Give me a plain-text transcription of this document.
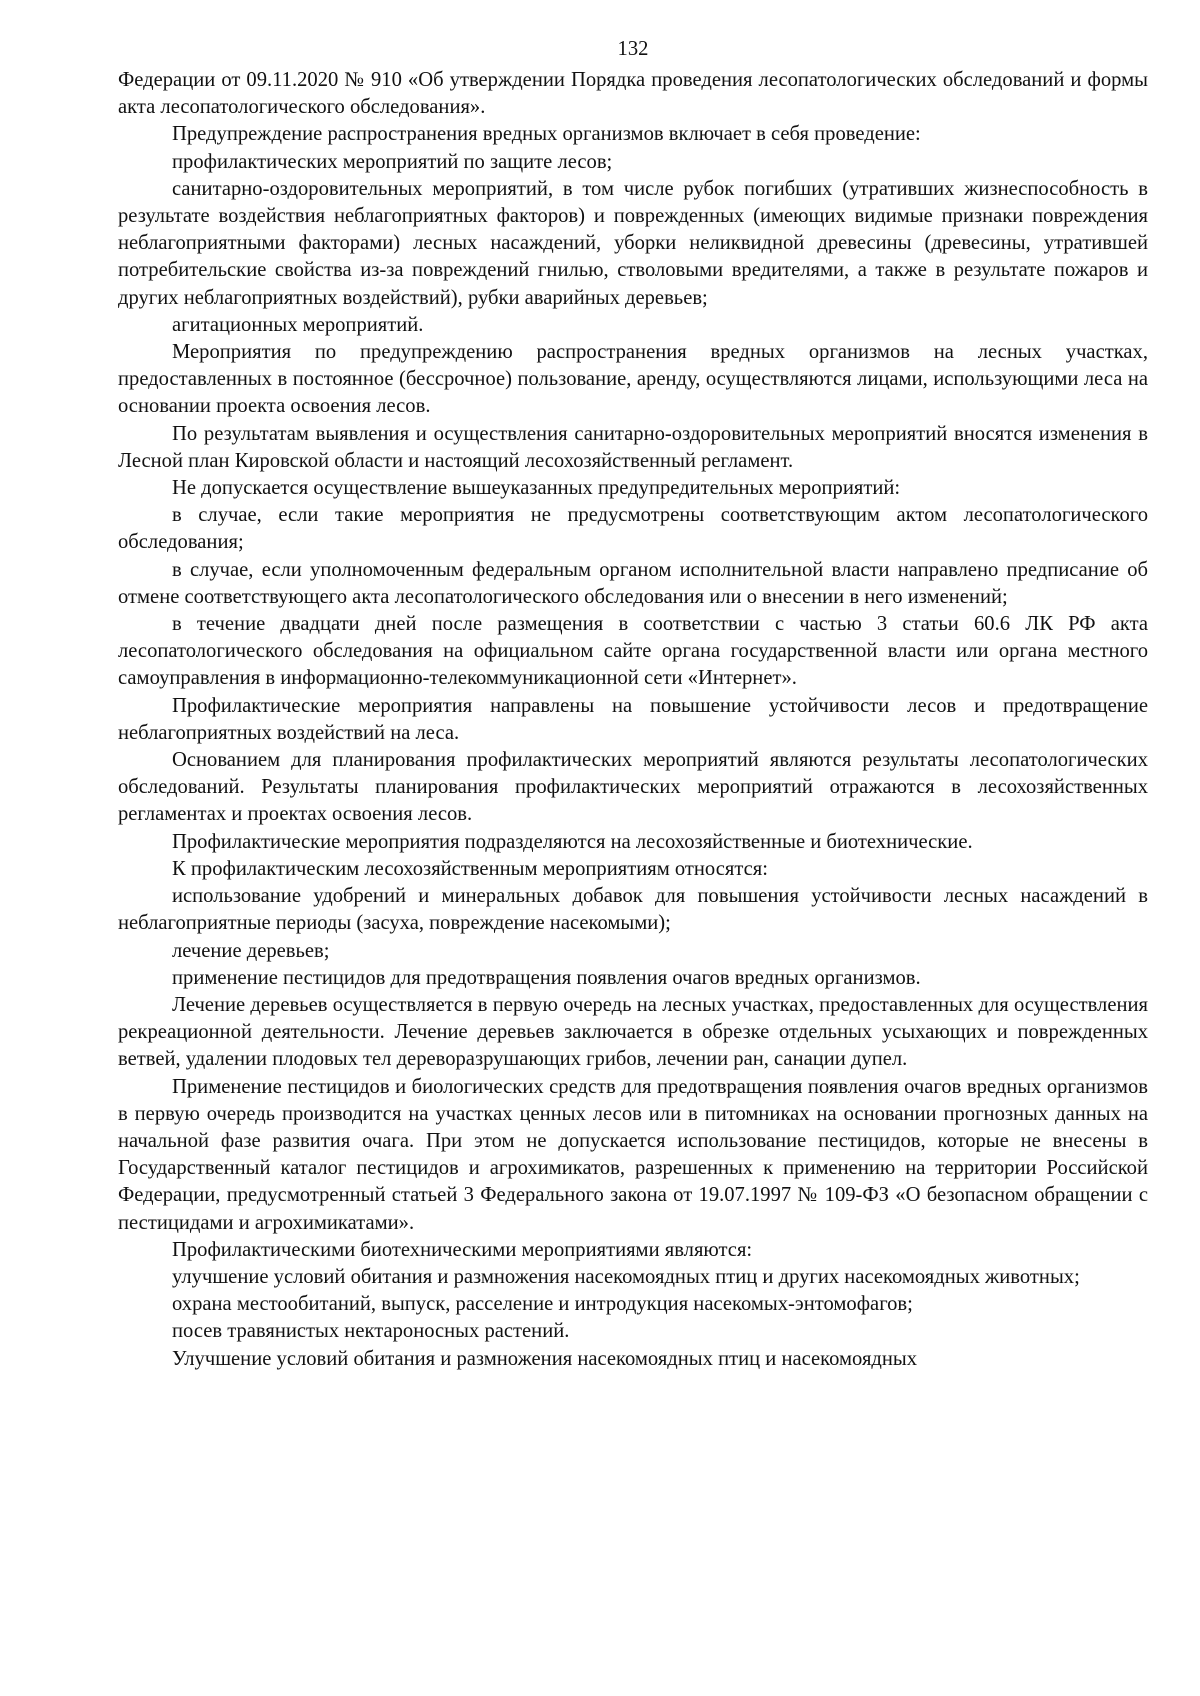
132

Федерации от 09.11.2020 № 910 «Об утверждении Порядка проведения лесопатологических обследований и формы акта лесопатологического обследования».

Предупреждение распространения вредных организмов включает в себя проведение:

профилактических мероприятий по защите лесов;

санитарно-оздоровительных мероприятий, в том числе рубок погибших (утративших жизнеспособность в результате воздействия неблагоприятных факторов) и поврежденных (имеющих видимые признаки повреждения неблагоприятными факторами) лесных насаждений, уборки неликвидной древесины (древесины, утратившей потребительские свойства из-за повреждений гнилью, стволовыми вредителями, а также в результате пожаров и других неблагоприятных воздействий), рубки аварийных деревьев;

агитационных мероприятий.

Мероприятия по предупреждению распространения вредных организмов на лесных участках, предоставленных в постоянное (бессрочное) пользование, аренду, осуществляются лицами, использующими леса на основании проекта освоения лесов.

По результатам выявления и осуществления санитарно-оздоровительных мероприятий вносятся изменения в Лесной план Кировской области и настоящий лесохозяйственный регламент.

Не допускается осуществление вышеуказанных предупредительных мероприятий:

в случае, если такие мероприятия не предусмотрены соответствующим актом лесопатологического обследования;

в случае, если уполномоченным федеральным органом исполнительной власти направлено предписание об отмене соответствующего акта лесопатологического обследования или о внесении в него изменений;

в течение двадцати дней после размещения в соответствии с частью 3 статьи 60.6 ЛК РФ акта лесопатологического обследования на официальном сайте органа государственной власти или органа местного самоуправления в информационно-телекоммуникационной сети «Интернет».

Профилактические мероприятия направлены на повышение устойчивости лесов и предотвращение неблагоприятных воздействий на леса.

Основанием для планирования профилактических мероприятий являются результаты лесопатологических обследований. Результаты планирования профилактических мероприятий отражаются в лесохозяйственных регламентах и проектах освоения лесов.

Профилактические мероприятия подразделяются на лесохозяйственные и биотехнические.

К профилактическим лесохозяйственным мероприятиям относятся:

использование удобрений и минеральных добавок для повышения устойчивости лесных насаждений в неблагоприятные периоды (засуха, повреждение насекомыми);

лечение деревьев;

применение пестицидов для предотвращения появления очагов вредных организмов.

Лечение деревьев осуществляется в первую очередь на лесных участках, предоставленных для осуществления рекреационной деятельности. Лечение деревьев заключается в обрезке отдельных усыхающих и поврежденных ветвей, удалении плодовых тел дереворазрушающих грибов, лечении ран, санации дупел.

Применение пестицидов и биологических средств для предотвращения появления очагов вредных организмов в первую очередь производится на участках ценных лесов или в питомниках на основании прогнозных данных на начальной фазе развития очага. При этом не допускается использование пестицидов, которые не внесены в Государственный каталог пестицидов и агрохимикатов, разрешенных к применению на территории Российской Федерации, предусмотренный статьей 3 Федерального закона от 19.07.1997 № 109-ФЗ «О безопасном обращении с пестицидами и агрохимикатами».

Профилактическими биотехническими мероприятиями являются:

улучшение условий обитания и размножения насекомоядных птиц и других насекомоядных животных;

охрана местообитаний, выпуск, расселение и интродукция насекомых-энтомофагов;

посев травянистых нектароносных растений.

Улучшение условий обитания и размножения насекомоядных птиц и насекомоядных
